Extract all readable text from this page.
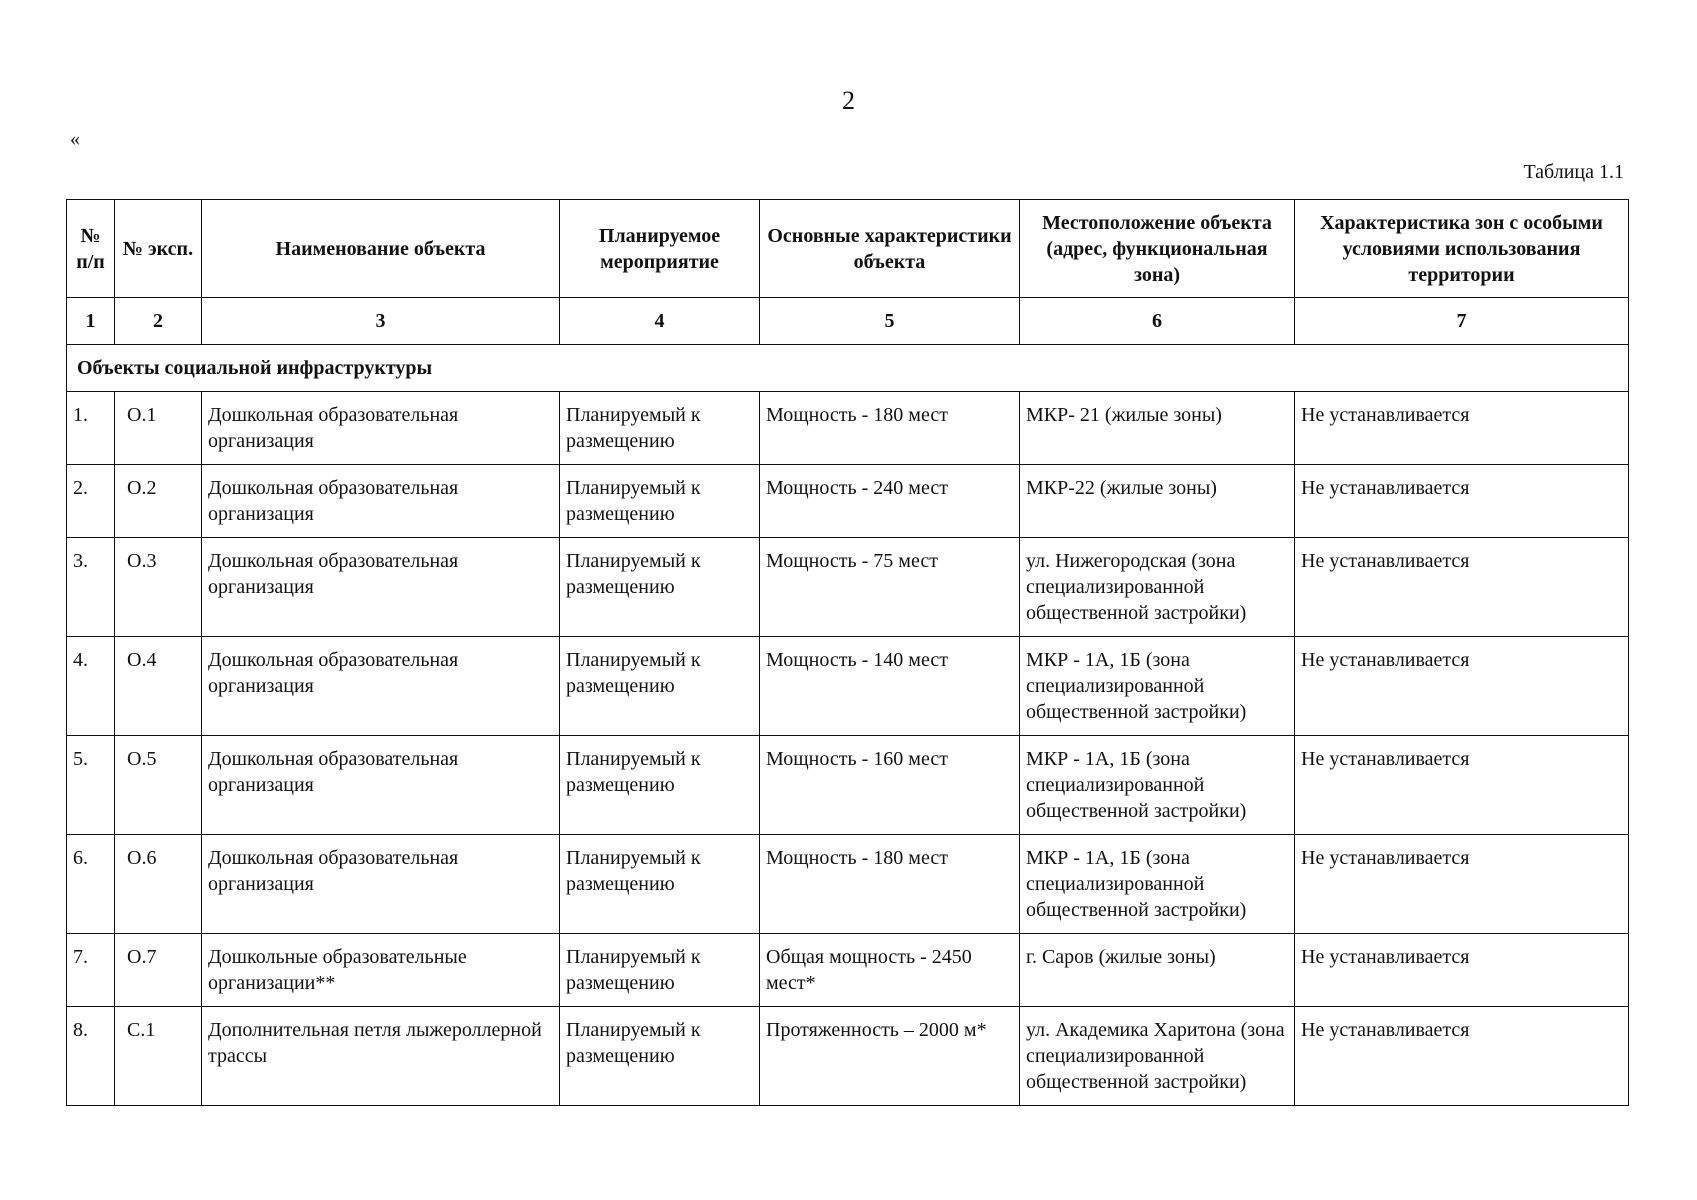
2
«
Таблица 1.1
№ п/п	№ эксп.	Наименование объекта	Планируемое мероприятие	Основные характеристики объекта	Местоположение объекта (адрес, функциональная зона)	Характеристика зон с особыми условиями использования территории
1	2	3	4	5	6	7
Объекты социальной инфраструктуры						
1.	О.1	Дошкольная образовательная организация	Планируемый к размещению	Мощность - 180 мест	МКР- 21 (жилые зоны)	Не устанавливается
2.	О.2	Дошкольная образовательная организация	Планируемый к размещению	Мощность - 240 мест	МКР-22 (жилые зоны)	Не устанавливается
3.	О.3	Дошкольная образовательная организация	Планируемый к размещению	Мощность - 75 мест	ул. Нижегородская (зона специализированной общественной застройки)	Не устанавливается
4.	О.4	Дошкольная образовательная организация	Планируемый к размещению	Мощность - 140 мест	МКР - 1А, 1Б (зона специализированной общественной застройки)	Не устанавливается
5.	О.5	Дошкольная образовательная организация	Планируемый к размещению	Мощность - 160 мест	МКР - 1А, 1Б (зона специализированной общественной застройки)	Не устанавливается
6.	О.6	Дошкольная образовательная организация	Планируемый к размещению	Мощность - 180 мест	МКР - 1А, 1Б (зона специализированной общественной застройки)	Не устанавливается
7.	О.7	Дошкольные образовательные организации**	Планируемый к размещению	Общая мощность - 2450 мест*	г. Саров (жилые зоны)	Не устанавливается
8.	С.1	Дополнительная петля лыжероллерной трассы	Планируемый к размещению	Протяженность – 2000 м*	ул. Академика Харитона (зона специализированной общественной застройки)	Не устанавливается
